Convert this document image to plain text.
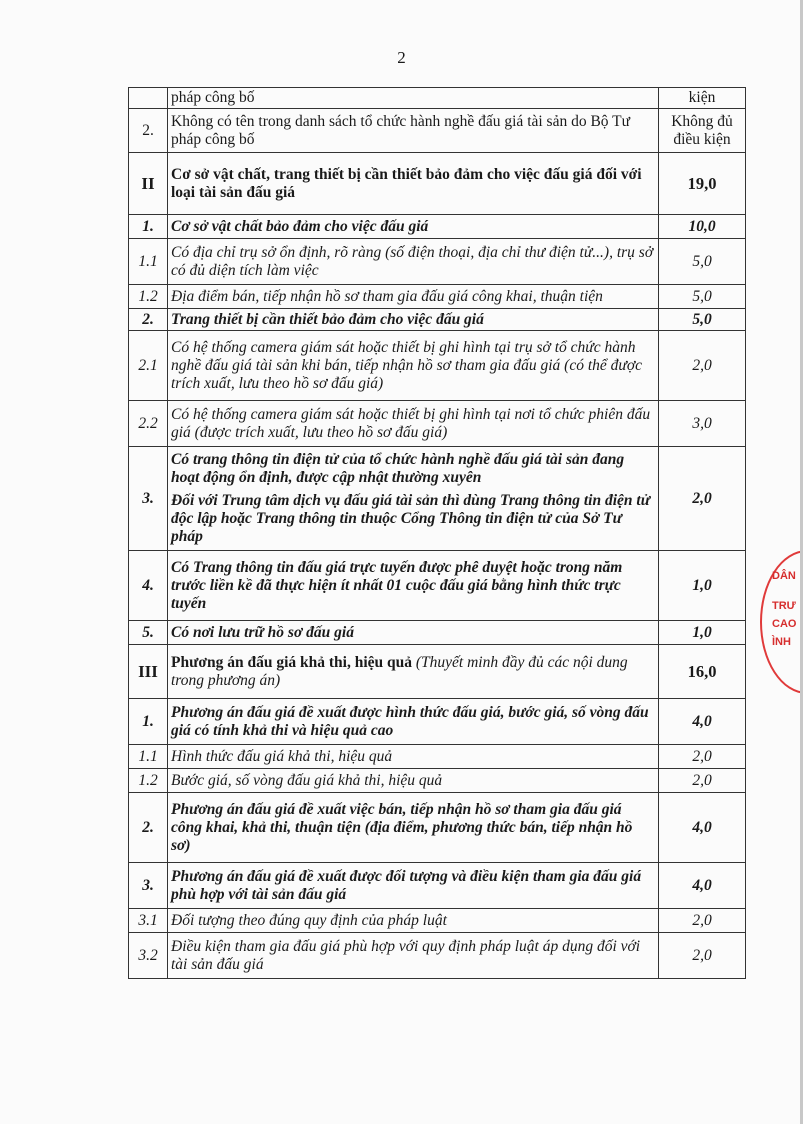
2
	pháp công bố	kiện
2.	Không có tên trong danh sách tổ chức hành nghề đấu giá tài sản do Bộ Tư pháp công bố	Không đủ điều kiện
II	Cơ sở vật chất, trang thiết bị cần thiết bảo đảm cho việc đấu giá đối với loại tài sản đấu giá	19,0
1.	Cơ sở vật chất bảo đảm cho việc đấu giá	10,0
1.1	Có địa chỉ trụ sở ổn định, rõ ràng (số điện thoại, địa chỉ thư điện tử...), trụ sở có đủ diện tích làm việc	5,0
1.2	Địa điểm bán, tiếp nhận hồ sơ tham gia đấu giá công khai, thuận tiện	5,0
2.	Trang thiết bị cần thiết bảo đảm cho việc đấu giá	5,0
2.1	Có hệ thống camera giám sát hoặc thiết bị ghi hình tại trụ sở tổ chức hành nghề đấu giá tài sản khi bán, tiếp nhận hồ sơ tham gia đấu giá (có thể được trích xuất, lưu theo hồ sơ đấu giá)	2,0
2.2	Có hệ thống camera giám sát hoặc thiết bị ghi hình tại nơi tổ chức phiên đấu giá (được trích xuất, lưu theo hồ sơ đấu giá)	3,0
3.	Có trang thông tin điện tử của tổ chức hành nghề đấu giá tài sản đang hoạt động ổn định, được cập nhật thường xuyên
Đối với Trung tâm dịch vụ đấu giá tài sản thì dùng Trang thông tin điện tử độc lập hoặc Trang thông tin thuộc Cổng Thông tin điện tử của Sở Tư pháp	2,0
4.	Có Trang thông tin đấu giá trực tuyến được phê duyệt hoặc trong năm trước liền kề đã thực hiện ít nhất 01 cuộc đấu giá bằng hình thức trực tuyến	1,0
5.	Có nơi lưu trữ hồ sơ đấu giá	1,0
III	Phương án đấu giá khả thi, hiệu quả (Thuyết minh đầy đủ các nội dung trong phương án)	16,0
1.	Phương án đấu giá đề xuất được hình thức đấu giá, bước giá, số vòng đấu giá có tính khả thi và hiệu quả cao	4,0
1.1	Hình thức đấu giá khả thi, hiệu quả	2,0
1.2	Bước giá, số vòng đấu giá khả thi, hiệu quả	2,0
2.	Phương án đấu giá đề xuất việc bán, tiếp nhận hồ sơ tham gia đấu giá công khai, khả thi, thuận tiện (địa điểm, phương thức bán, tiếp nhận hồ sơ)	4,0
3.	Phương án đấu giá đề xuất được đối tượng và điều kiện tham gia đấu giá phù hợp với tài sản đấu giá	4,0
3.1	Đối tượng theo đúng quy định của pháp luật	2,0
3.2	Điều kiện tham gia đấu giá phù hợp với quy định pháp luật áp dụng đối với tài sản đấu giá	2,0
DÂN
TRƯ
CAO
ÌNH
